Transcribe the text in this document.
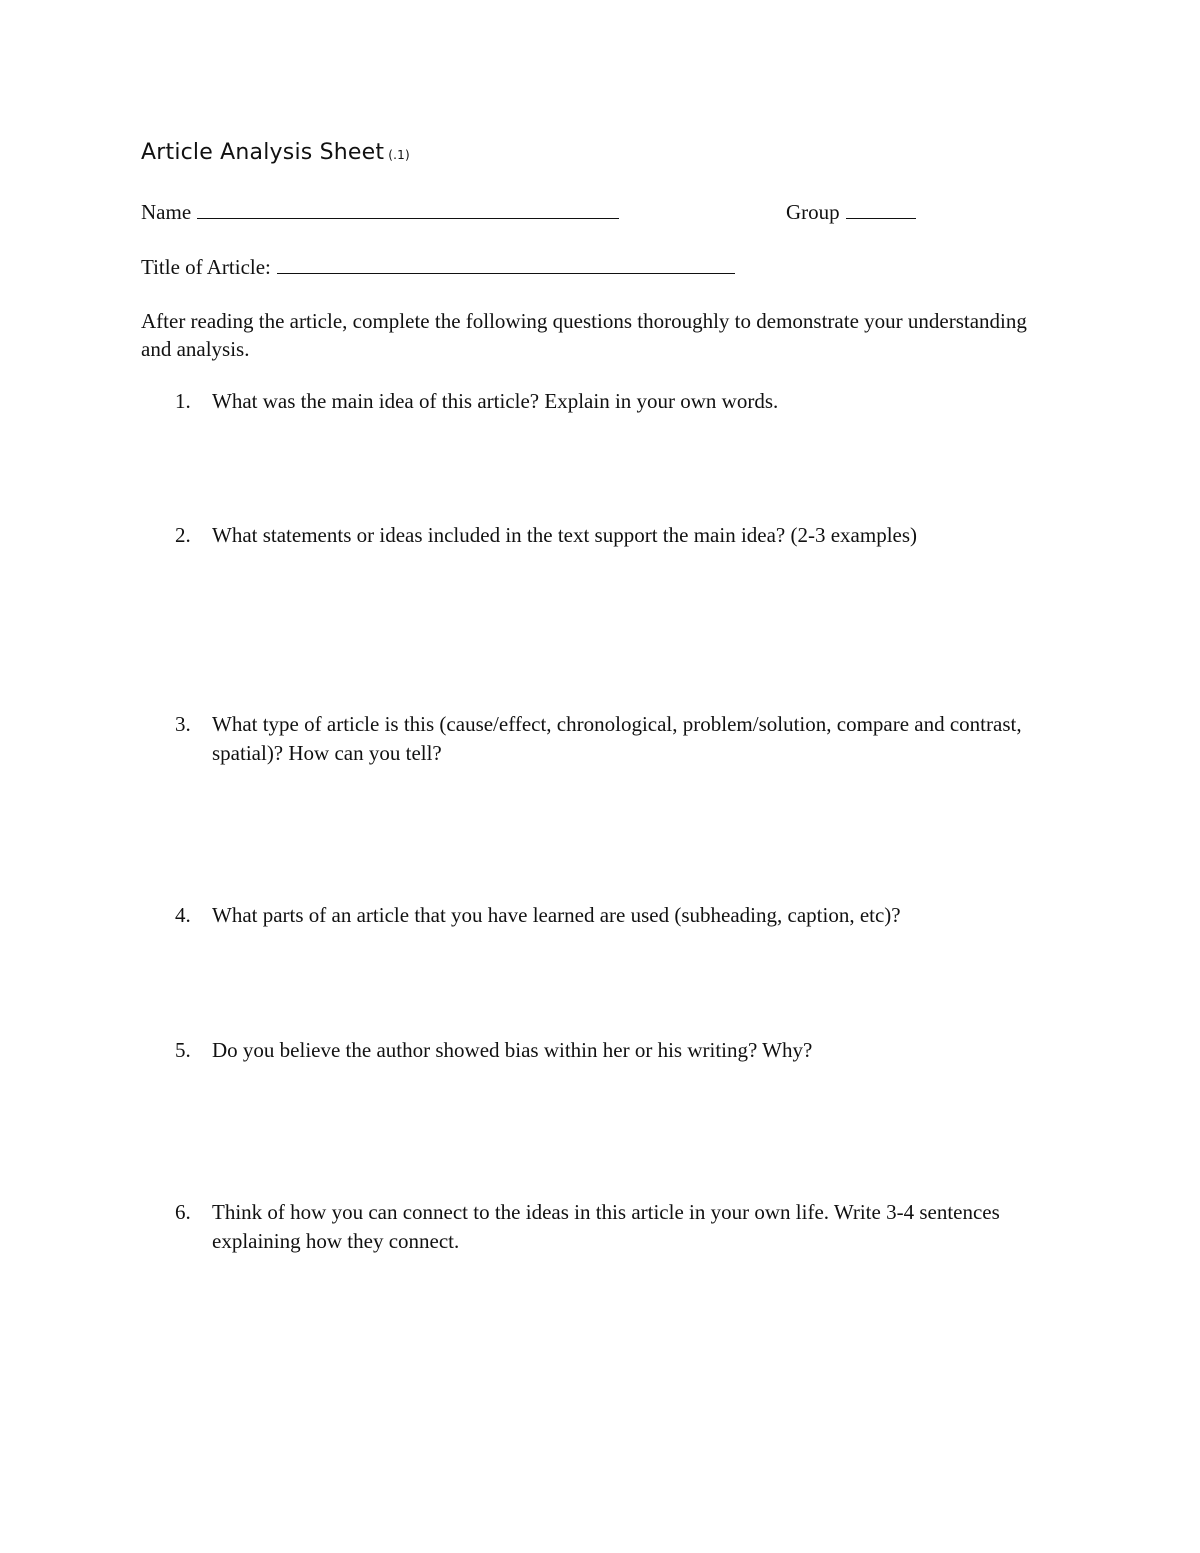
Article Analysis Sheet (.1)
Name	Group
Title of Article:
After reading the article, complete the following questions thoroughly to demonstrate your understanding and analysis.
1.	What was the main idea of this article? Explain in your own words.
2.	What statements or ideas included in the text support the main idea? (2-3 examples)
3.	What type of article is this (cause/effect, chronological, problem/solution, compare and contrast, spatial)? How can you tell?
4.	What parts of an article that you have learned are used (subheading, caption, etc)?
5.	Do you believe the author showed bias within her or his writing? Why?
6.	Think of how you can connect to the ideas in this article in your own life. Write 3-4 sentences explaining how they connect.
